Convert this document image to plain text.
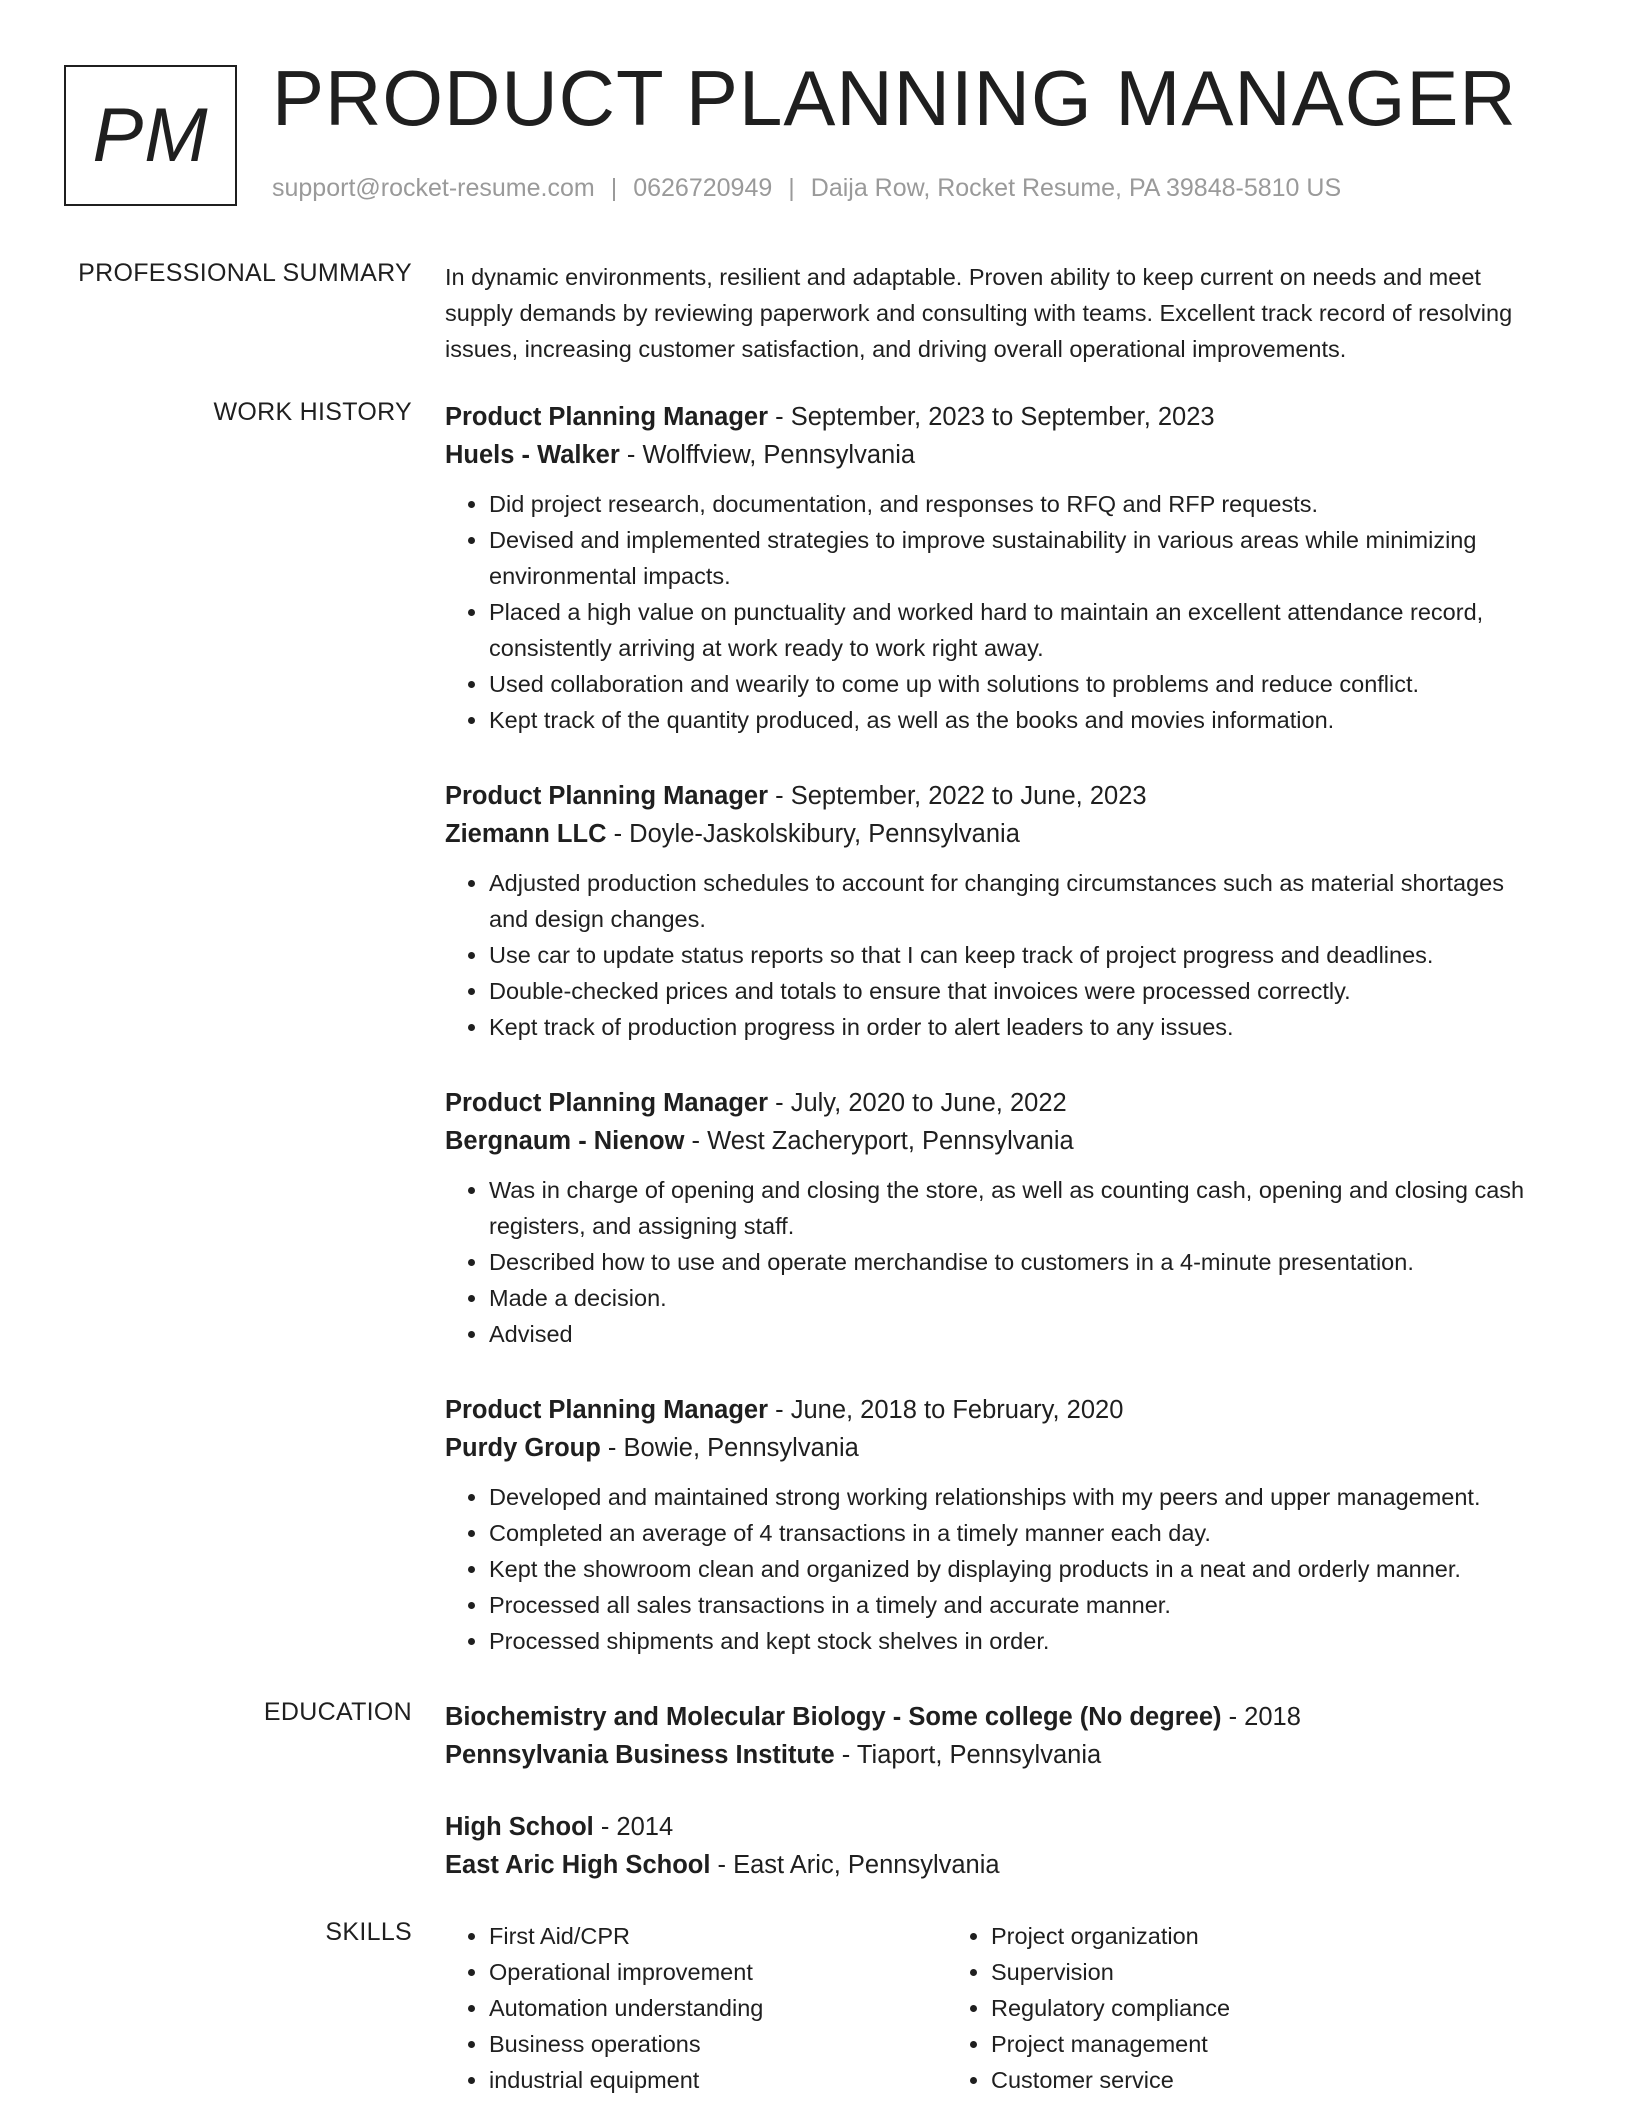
PM PRODUCT PLANNING MANAGER
support@rocket-resume.com | 0626720949 | Daija Row, Rocket Resume, PA 39848-5810 US
PROFESSIONAL SUMMARY In dynamic environments, resilient and adaptable. Proven ability to keep current on needs and meet supply demands by reviewing paperwork and consulting with teams. Excellent track record of resolving issues, increasing customer satisfaction, and driving overall operational improvements.

WORK HISTORY Product Planning Manager - September, 2023 to September, 2023
Huels - Walker - Wolffview, Pennsylvania
• Did project research, documentation, and responses to RFQ and RFP requests.
• Devised and implemented strategies to improve sustainability in various areas while minimizing environmental impacts.
• Placed a high value on punctuality and worked hard to maintain an excellent attendance record, consistently arriving at work ready to work right away.
• Used collaboration and wearily to come up with solutions to problems and reduce conflict.
• Kept track of the quantity produced, as well as the books and movies information.
Product Planning Manager - September, 2022 to June, 2023
Ziemann LLC - Doyle-Jaskolskibury, Pennsylvania
• Adjusted production schedules to account for changing circumstances such as material shortages and design changes.
• Use car to update status reports so that I can keep track of project progress and deadlines.
• Double-checked prices and totals to ensure that invoices were processed correctly.
• Kept track of production progress in order to alert leaders to any issues.
Product Planning Manager - July, 2020 to June, 2022
Bergnaum - Nienow - West Zacheryport, Pennsylvania
• Was in charge of opening and closing the store, as well as counting cash, opening and closing cash registers, and assigning staff.
• Described how to use and operate merchandise to customers in a 4-minute presentation.
• Made a decision.
• Advised
Product Planning Manager - June, 2018 to February, 2020
Purdy Group - Bowie, Pennsylvania
• Developed and maintained strong working relationships with my peers and upper management.
• Completed an average of 4 transactions in a timely manner each day.
• Kept the showroom clean and organized by displaying products in a neat and orderly manner.
• Processed all sales transactions in a timely and accurate manner.
• Processed shipments and kept stock shelves in order.
EDUCATION Biochemistry and Molecular Biology - Some college (No degree) - 2018
Pennsylvania Business Institute - Tiaport, Pennsylvania
High School - 2014
East Aric High School - East Aric, Pennsylvania
SKILLS
•	First Aid/CPR
• Operational improvement
• Automation understanding
• Business operations
• industrial equipment
• Project organization
• Supervision
• Regulatory compliance
• Project management
• Customer service
